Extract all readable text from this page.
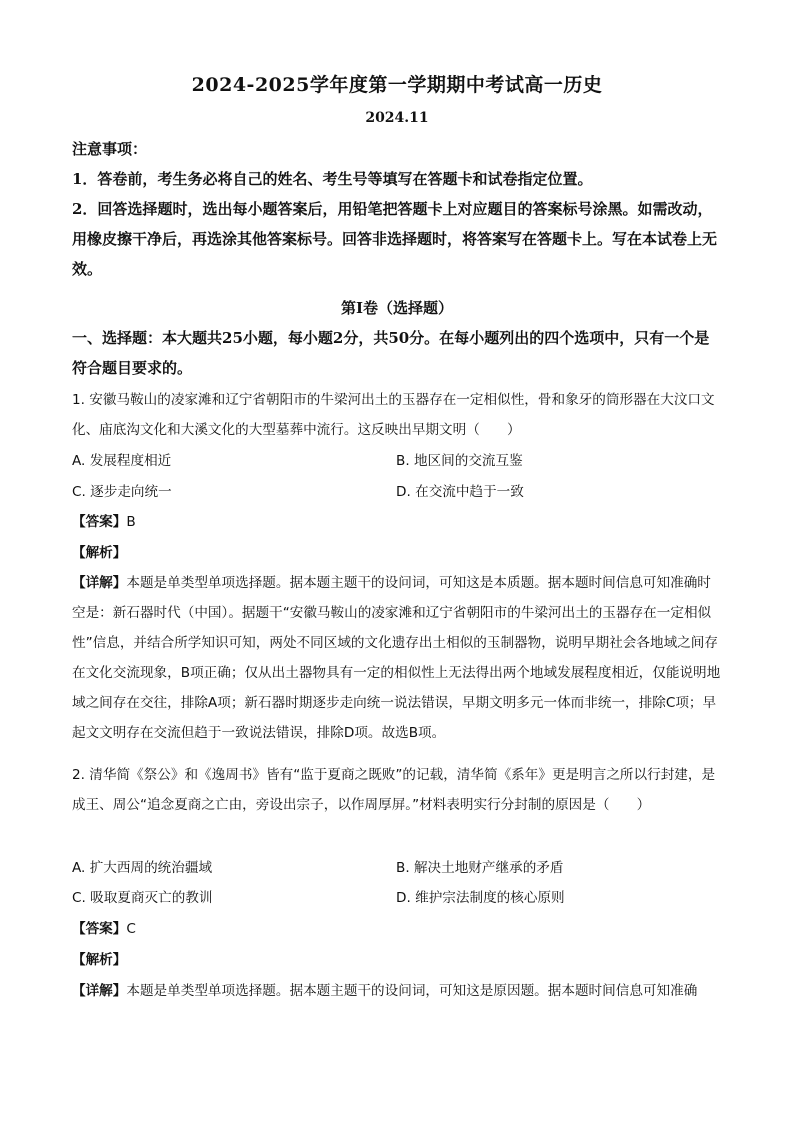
2024-2025学年度第一学期期中考试高一历史
2024.11
注意事项：
1．答卷前，考生务必将自己的姓名、考生号等填写在答题卡和试卷指定位置。
2．回答选择题时，选出每小题答案后，用铅笔把答题卡上对应题目的答案标号涂黑。如需改动，用橡皮擦干净后，再选涂其他答案标号。回答非选择题时，将答案写在答题卡上。写在本试卷上无效。
第Ⅰ卷（选择题）
一、选择题：本大题共25小题，每小题2分，共50分。在每小题列出的四个选项中，只有一个是符合题目要求的。
1. 安徽马鞍山的凌家滩和辽宁省朝阳市的牛梁河出土的玉器存在一定相似性，骨和象牙的筒形器在大汶口文化、庙底沟文化和大溪文化的大型墓葬中流行。这反映出早期文明（　　）
A. 发展程度相近	B. 地区间的交流互鉴
C. 逐步走向统一	D. 在交流中趋于一致
【答案】B
【解析】
【详解】本题是单类型单项选择题。据本题主题干的设问词，可知这是本质题。据本题时间信息可知准确时空是：新石器时代（中国）。据题干“安徽马鞍山的凌家滩和辽宁省朝阳市的牛梁河出土的玉器存在一定相似性”信息，并结合所学知识可知，两处不同区域的文化遗存出土相似的玉制器物，说明早期社会各地域之间存在文化交流现象，B项正确；仅从出土器物具有一定的相似性上无法得出两个地域发展程度相近，仅能说明地域之间存在交往，排除A项；新石器时期逐步走向统一说法错误，早期文明多元一体而非统一，排除C项；早起文文明存在交流但趋于一致说法错误，排除D项。故选B项。
2. 清华简《祭公》和《逸周书》皆有“监于夏商之既败”的记载，清华简《系年》更是明言之所以行封建，是成王、周公“追念夏商之亡由，旁设出宗子，以作周厚屏。”材料表明实行分封制的原因是（　　）
A. 扩大西周的统治疆域	B. 解决土地财产继承的矛盾
C. 吸取夏商灭亡的教训	D. 维护宗法制度的核心原则
【答案】C
【解析】
【详解】本题是单类型单项选择题。据本题主题干的设问词，可知这是原因题。据本题时间信息可知准确
